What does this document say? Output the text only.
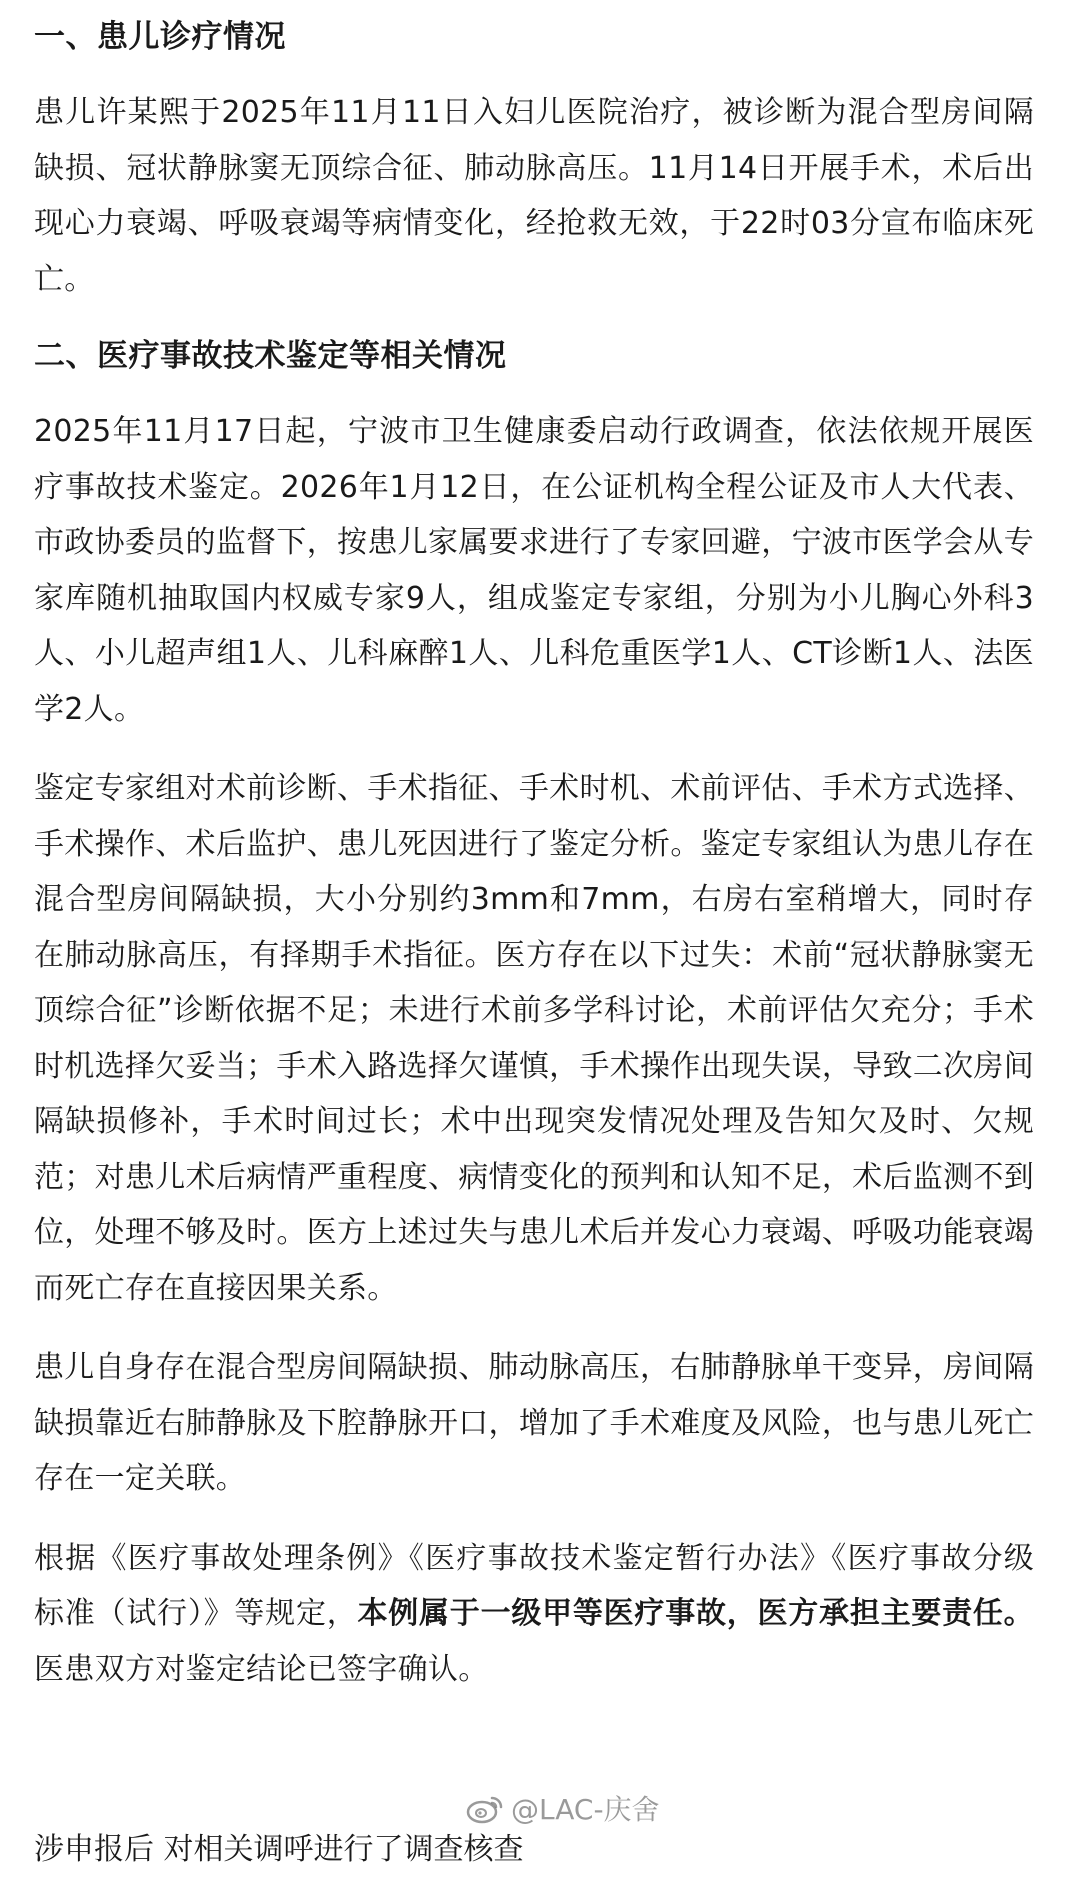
一、患儿诊疗情况

患儿许某熙于2025年11月11日入妇儿医院治疗，被诊断为混合型房间隔缺损、冠状静脉窦无顶综合征、肺动脉高压。11月14日开展手术，术后出现心力衰竭、呼吸衰竭等病情变化，经抢救无效，于22时03分宣布临床死亡。

二、医疗事故技术鉴定等相关情况

2025年11月17日起，宁波市卫生健康委启动行政调查，依法依规开展医疗事故技术鉴定。2026年1月12日，在公证机构全程公证及市人大代表、市政协委员的监督下，按患儿家属要求进行了专家回避，宁波市医学会从专家库随机抽取国内权威专家9人，组成鉴定专家组，分别为小儿胸心外科3人、小儿超声组1人、儿科麻醉1人、儿科危重医学1人、CT诊断1人、法医学2人。

鉴定专家组对术前诊断、手术指征、手术时机、术前评估、手术方式选择、手术操作、术后监护、患儿死因进行了鉴定分析。鉴定专家组认为患儿存在混合型房间隔缺损，大小分别约3mm和7mm，右房右室稍增大，同时存在肺动脉高压，有择期手术指征。医方存在以下过失：术前“冠状静脉窦无顶综合征”诊断依据不足；未进行术前多学科讨论，术前评估欠充分；手术时机选择欠妥当；手术入路选择欠谨慎，手术操作出现失误，导致二次房间隔缺损修补，手术时间过长；术中出现突发情况处理及告知欠及时、欠规范；对患儿术后病情严重程度、病情变化的预判和认知不足，术后监测不到位，处理不够及时。医方上述过失与患儿术后并发心力衰竭、呼吸功能衰竭而死亡存在直接因果关系。

患儿自身存在混合型房间隔缺损、肺动脉高压，右肺静脉单干变异，房间隔缺损靠近右肺静脉及下腔静脉开口，增加了手术难度及风险，也与患儿死亡存在一定关联。

根据《医疗事故处理条例》《医疗事故技术鉴定暂行办法》《医疗事故分级标准（试行）》等规定，本例属于一级甲等医疗事故，医方承担主要责任。医患双方对鉴定结论已签字确认。

涉申报后 对相关调呼进行了调查核查
@LAC-庆舍
